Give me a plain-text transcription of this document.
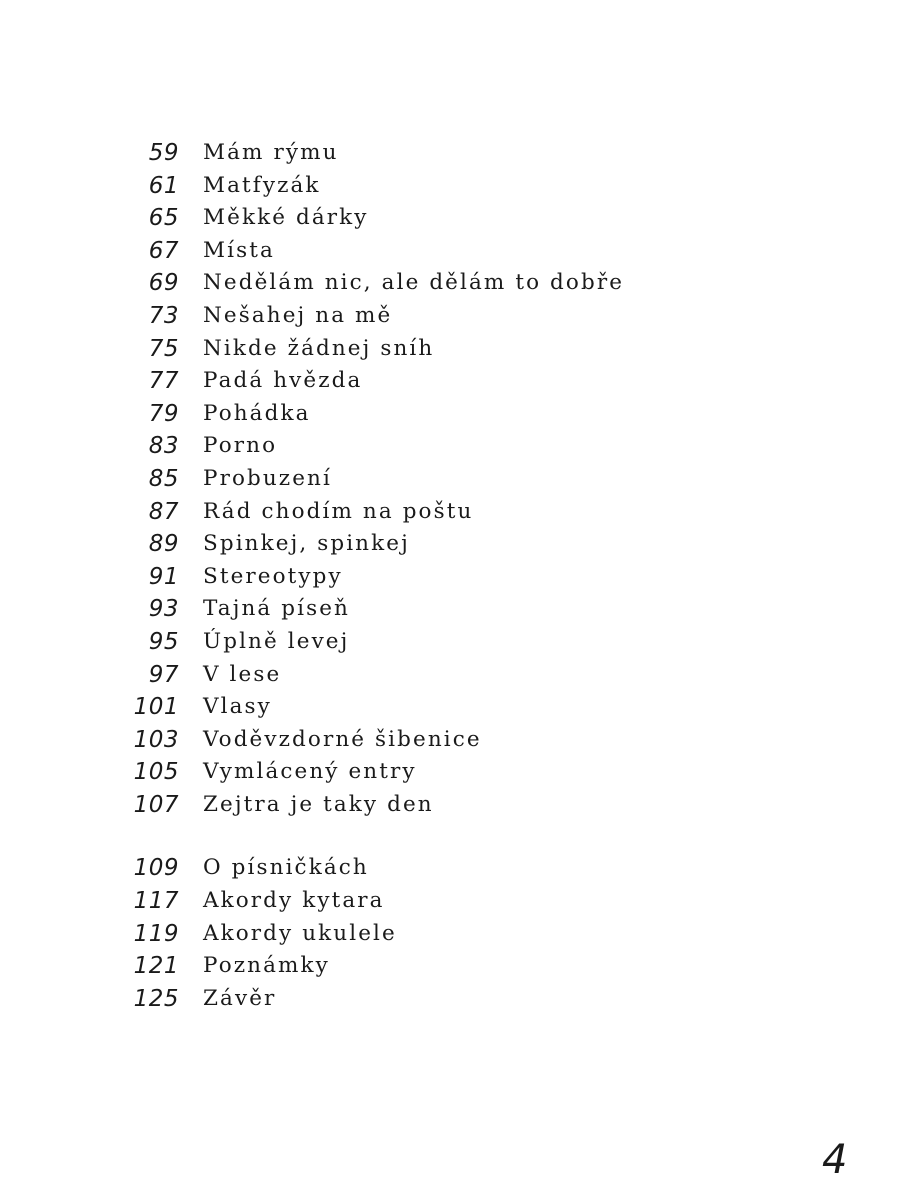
59 Mám rýmu
61 Matfyzák
65 Měkké dárky
67 Místa
69 Nedělám nic, ale dělám to dobře
73 Nešahej na mě
75 Nikde žádnej sníh
77 Padá hvězda
79 Pohádka
83 Porno
85 Probuzení
87 Rád chodím na poštu
89 Spinkej, spinkej
91 Stereotypy
93 Tajná píseň
95 Úplně levej
97 V lese
101 Vlasy
103 Voděvzdorné šibenice
105 Vymlácený entry
107 Zejtra je taky den
109 O písničkách
117 Akordy kytara
119 Akordy ukulele
121 Poznámky
125 Závěr
4
